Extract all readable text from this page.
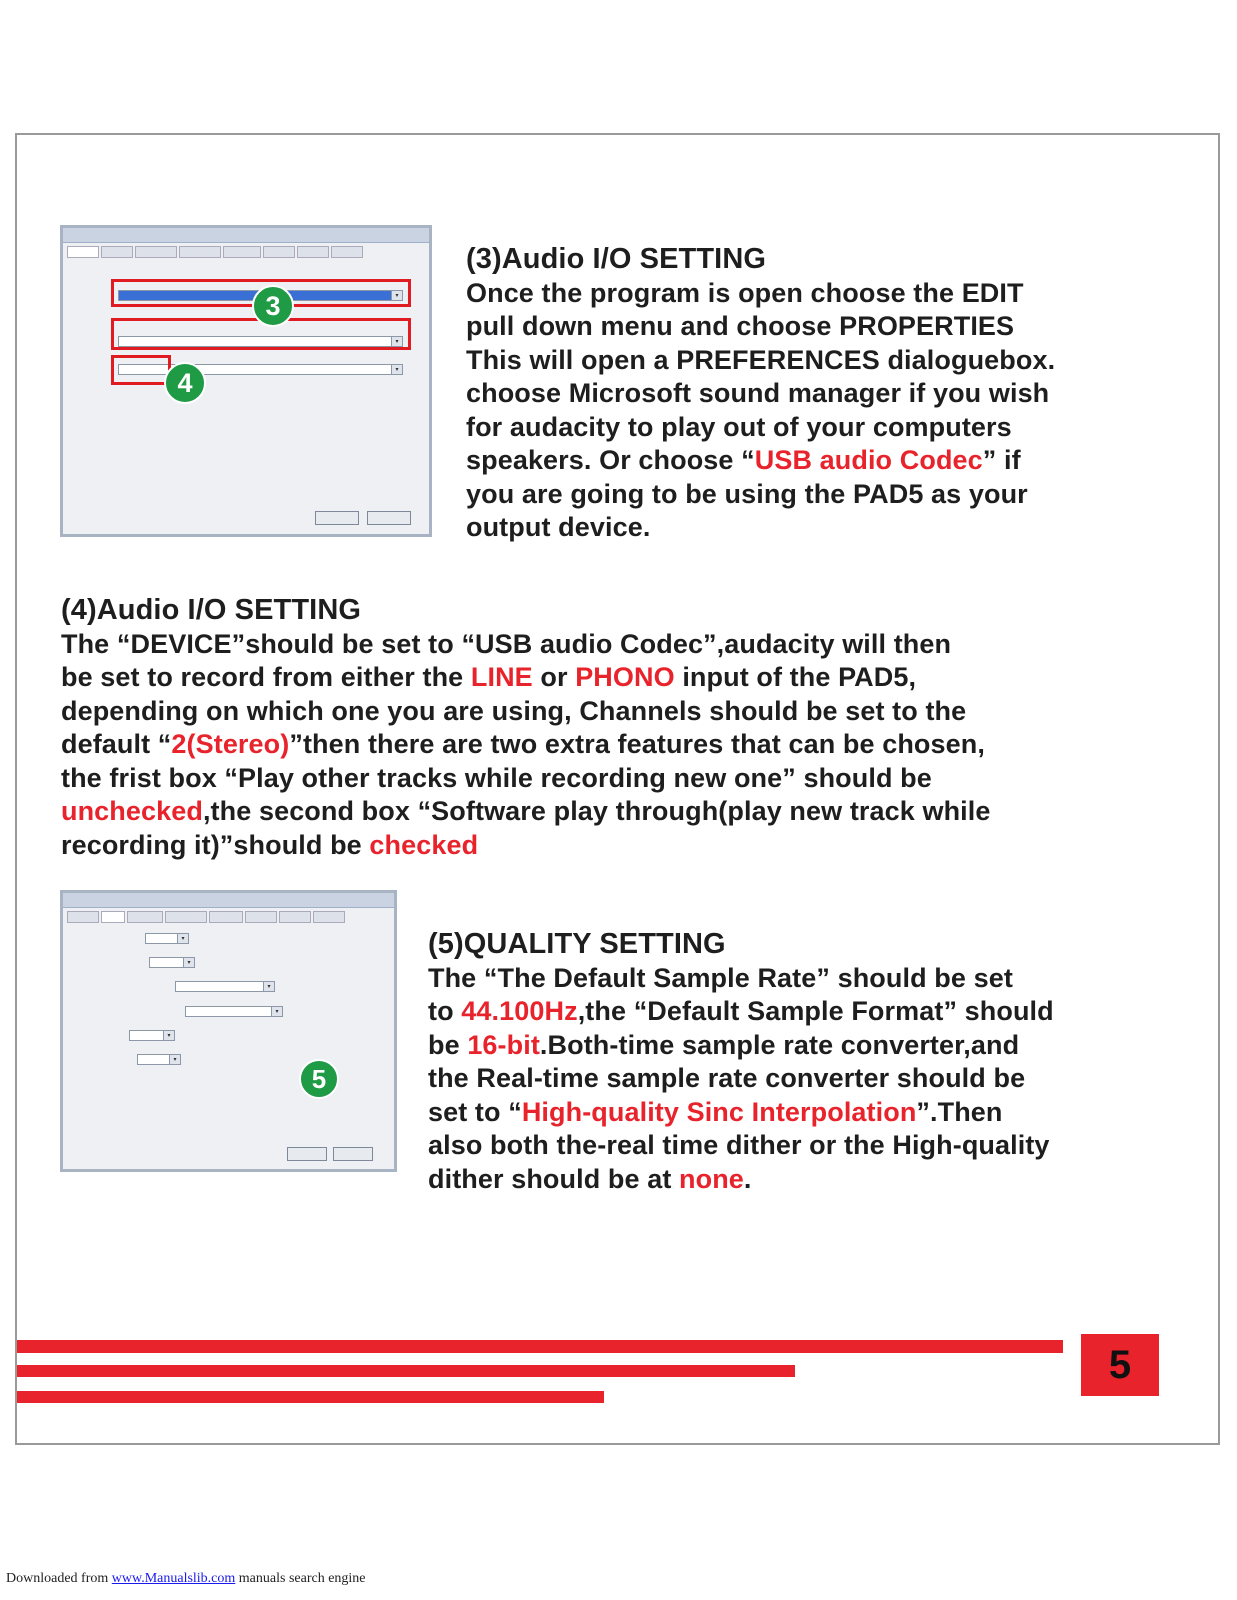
▾
▾
▾
3
4

(3)Audio I/O SETTING

Once the program is open choose the EDIT

pull down menu and choose PROPERTIES

This will open a PREFERENCES dialoguebox.

choose Microsoft sound manager if you wish

for audacity to play out of your computers

speakers. Or choose “USB audio Codec” if

you are going to be using the PAD5 as your

output device.

(4)Audio I/O SETTING

The “DEVICE”should be set to “USB audio Codec”,audacity will then

be set to record from either the LINE or PHONO input of the PAD5,

depending on which one you are using, Channels should be set to the

default “2(Stereo)”then there are two extra features that can be chosen,

the frist box “Play other tracks while recording new one” should be

unchecked,the second box “Software play through(play new track while

recording it)”should be checked

▾
▾
▾
▾
▾
▾
5

(5)QUALITY SETTING

The “The Default Sample Rate” should be set

to 44.100Hz,the “Default Sample Format” should

be 16-bit.Both-time sample rate converter,and

the Real-time sample rate converter should be

set to “High-quality Sinc Interpolation”.Then

also both the-real time dither or the High-quality

dither should be at none.

5
Downloaded from www.Manualslib.com manuals search engine
